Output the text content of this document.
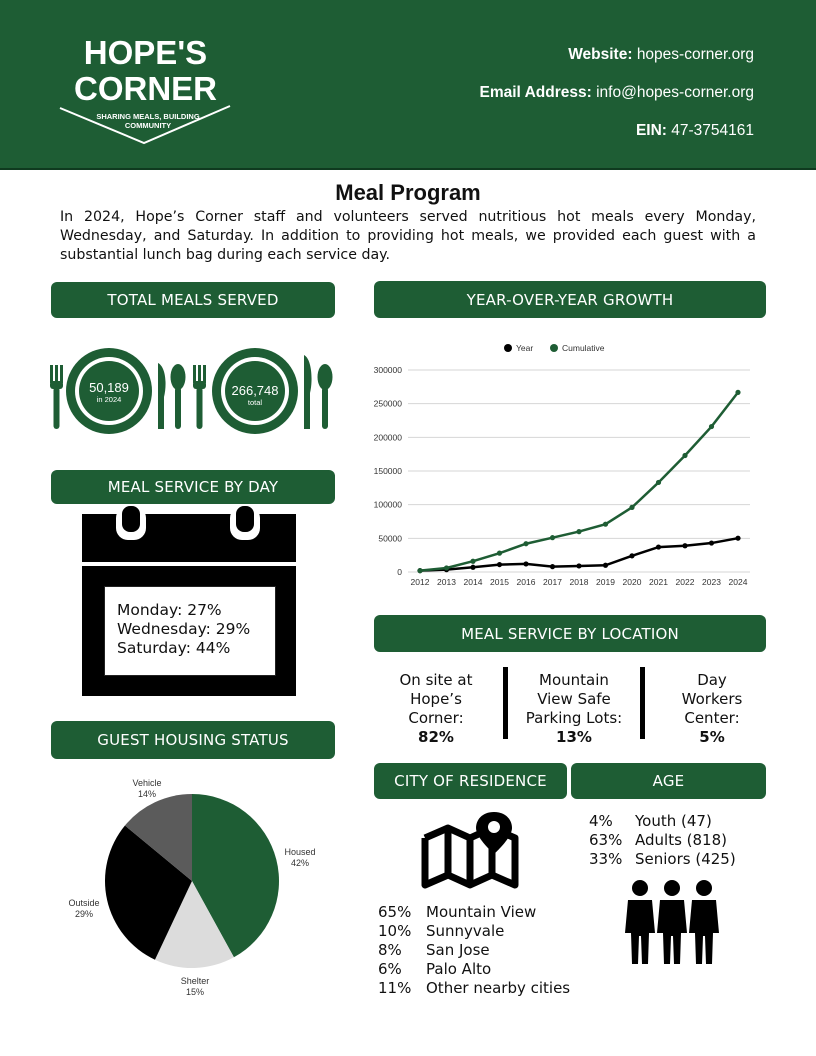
HOPE'S
CORNER
SHARING MEALS, BUILDING
COMMUNITY
Website: hopes-corner.org
Email Address: info@hopes-corner.org
EIN: 47-3754161
Meal Program
In 2024, Hope’s Corner staff and volunteers served nutritious hot meals every Monday, Wednesday, and Saturday. In addition to providing hot meals, we provided each guest with a substantial lunch bag during each service day.
TOTAL MEALS SERVED
50,189
in 2024
266,748
total
MEAL SERVICE BY DAY
Monday: 27%
Wednesday: 29%
Saturday: 44%
GUEST HOUSING STATUS
Housed
42%
Shelter
15%
Outside
29%
Vehicle
14%
YEAR-OVER-YEAR GROWTH
0
50000
100000
150000
200000
250000
300000
2012 2013 2014 2015 2016 2017 2018 2019 2020 2021 2022 2023 2024
Year	Cumulative
MEAL SERVICE BY LOCATION
On site at
Hope’s
Corner:
82%
Mountain
View Safe
Parking Lots:
13%
Day
Workers
Center:
5%
CITY OF RESIDENCE
65% Mountain View
10% Sunnyvale
8% San Jose
6% Palo Alto
11% Other nearby cities
AGE
4% Youth (47)
63% Adults (818)
33% Seniors (425)
